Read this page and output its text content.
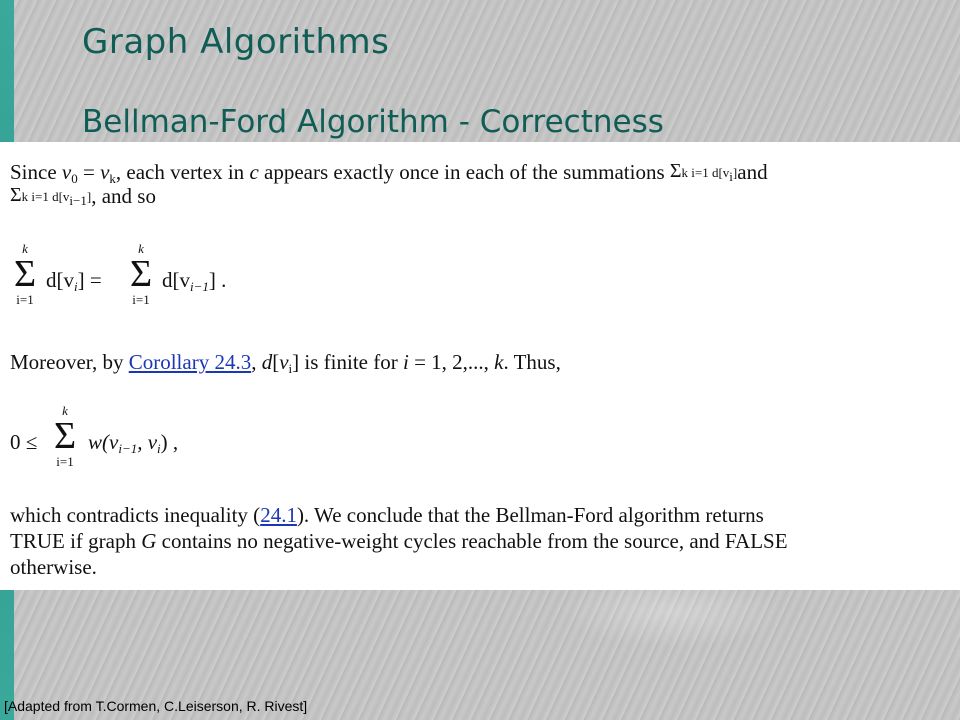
Graph Algorithms
Bellman-Ford Algorithm - Correctness
Since $v_0 = v_k$, each vertex in c appears exactly once in each of the summations Σk i=1 $d[v_i]and$
Σk i=1 $d[v_{i-1}]$, and so
k
Σ
i=1
$d[v_i]$ =
k
Σ
i=1
$d[v_{i-1}]$ .
Moreover, by Corollary 24.3, $d[v_i]$ is finite for i = 1, 2,..., k. Thus,
0 ≤
k
Σ
i=1
$w(v_{i-1}$, $v_i$) ,
which contradicts inequality (24.1). We conclude that the Bellman-Ford algorithm returns
TRUE if graph G contains no negative-weight cycles reachable from the source, and FALSE
otherwise.
[Adapted from T.Cormen, C.Leiserson, R. Rivest]
